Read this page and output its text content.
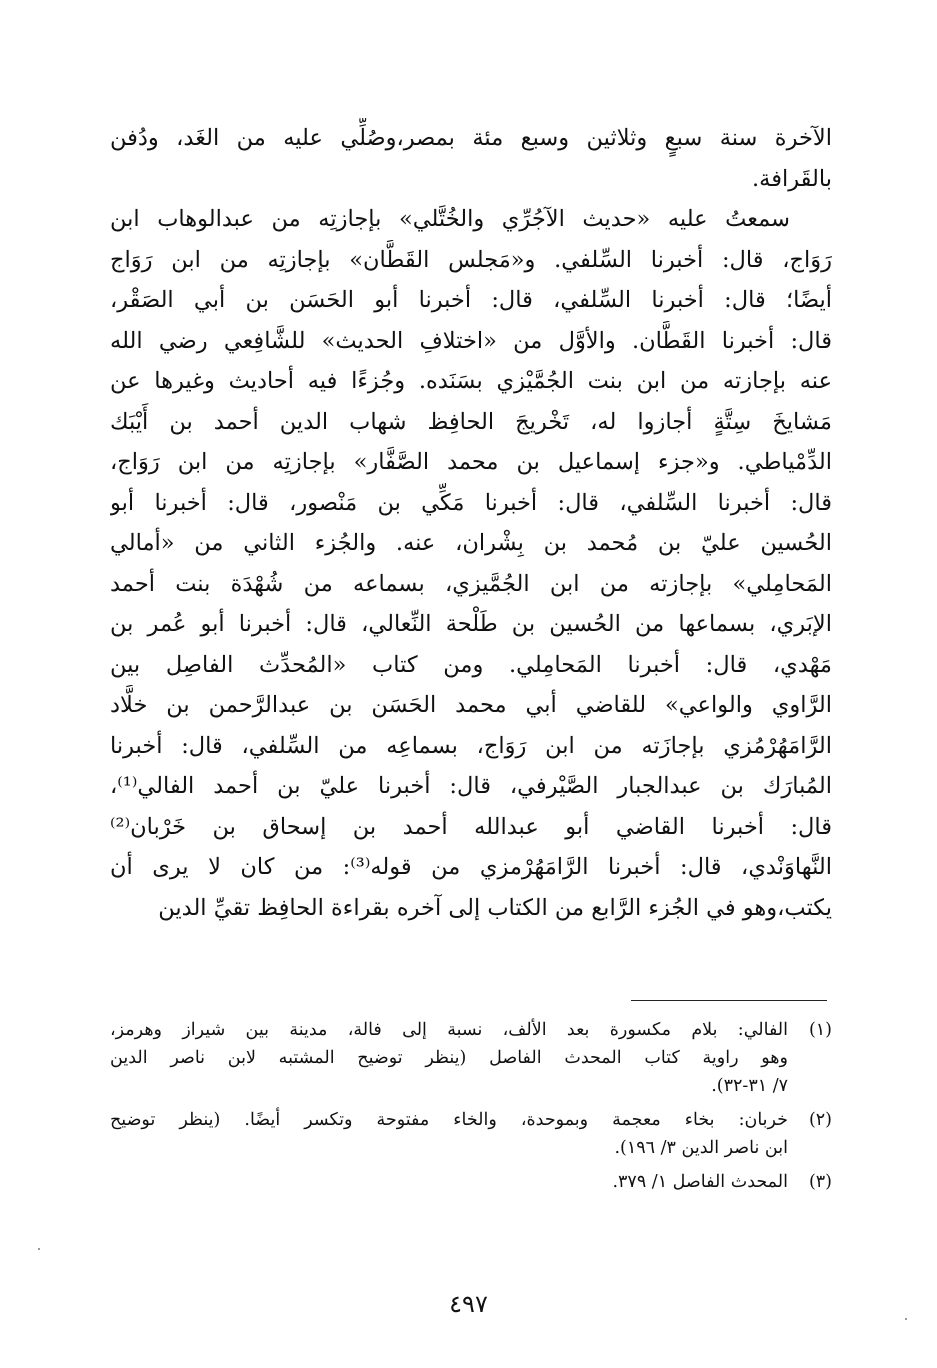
الآخرة سنة سبعٍ وثلاثين وسبع مئة بمصر،وصُلِّي عليه من الغَد، ودُفن
بالقَرافة.
سمعتُ عليه «حديث الآجُرِّي والخُتَّلي» بإجازتِه من عبدالوهاب ابن
رَوَاج، قال: أخبرنا السِّلفي. و«مَجلس القَطَّان» بإجازتِه من ابن رَوَاج
أيضًا؛ قال: أخبرنا السِّلفي، قال: أخبرنا أبو الحَسَن بن أبي الصَقْر،
قال: أخبرنا القَطَّان. والأوَّل من «اختلافِ الحديث» للشَّافِعي رضي الله
عنه بإجازته من ابن بنت الجُمَّيْزي بسَنَده. وجُزءًا فيه أحاديث وغيرها عن
مَشايخَ سِتَّةٍ أجازوا له، تَخْريجَ الحافِظ شهاب الدين أحمد بن أَيْبَك
الدِّمْياطي. و«جزء إسماعيل بن محمد الصَّفَّار» بإجازتِه من ابن رَوَاج،
قال: أخبرنا السِّلفي، قال: أخبرنا مَكِّي بن مَنْصور، قال: أخبرنا أبو
الحُسين عليّ بن مُحمد بن بِشْران، عنه. والجُزء الثاني من «أمالي
المَحامِلي» بإجازته من ابن الجُمَّيزي، بسماعه من شُهْدَة بنت أحمد
الإبَري، بسماعها من الحُسين بن طَلْحة النِّعالي، قال: أخبرنا أبو عُمر بن
مَهْدي، قال: أخبرنا المَحامِلي. ومن كتاب «المُحدِّث الفاصِل بين
الرَّاوي والواعي» للقاضي أبي محمد الحَسَن بن عبدالرَّحمن بن خلَّاد
الرَّامَهُرْمُزي بإجازَته من ابن رَوَاج، بسماعِه من السِّلفي، قال: أخبرنا
المُبارَك بن عبدالجبار الصَّيْرفي، قال: أخبرنا عليّ بن أحمد الفالي⁽¹⁾،
قال: أخبرنا القاضي أبو عبدالله أحمد بن إسحاق بن خَرْبان⁽²⁾
النَّهاوَنْدي، قال: أخبرنا الرَّامَهُرْمزي من قوله⁽³⁾: من كان لا يرى أن
يكتب،وهو في الجُزء الرَّابع من الكتاب إلى آخره بقراءة الحافِظ تقيِّ الدين
(١)
الفالي: بلام مكسورة بعد الألف، نسبة إلى فالة، مدينة بين شيراز وهرمز،
وهو راوية كتاب المحدث الفاصل (ينظر توضيح المشتبه لابن ناصر الدين
٧/ ٣١-٣٢).
(٢)
خربان: بخاء معجمة وبموحدة، والخاء مفتوحة وتكسر أيضًا. (ينظر توضيح
ابن ناصر الدين ٣/ ١٩٦).
(٣)
المحدث الفاصل ١/ ٣٧٩.
٤٩٧
